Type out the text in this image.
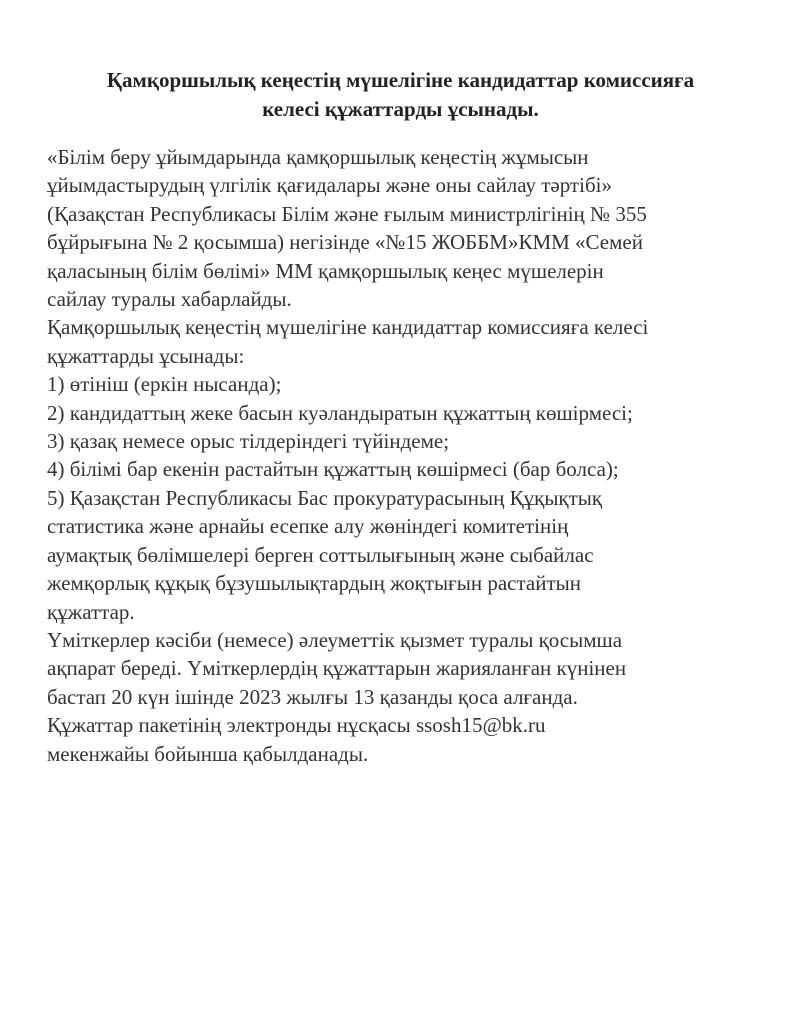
Қамқоршылық кеңестің мүшелігіне кандидаттар комиссияға
келесі құжаттарды ұсынады.
«Білім беру ұйымдарында қамқоршылық кеңестің жұмысын
ұйымдастырудың үлгілік қағидалары және оны сайлау тәртібі»
(Қазақстан Республикасы Білім және ғылым министрлігінің № 355
бұйрығына № 2 қосымша) негізінде «№15 ЖОББМ»КММ «Семей
қаласының білім бөлімі» ММ қамқоршылық кеңес мүшелерін
сайлау туралы хабарлайды.
Қамқоршылық кеңестің мүшелігіне кандидаттар комиссияға келесі
құжаттарды ұсынады:
1) өтініш (еркін нысанда);
2) кандидаттың жеке басын куәландыратын құжаттың көшірмесі;
3) қазақ немесе орыс тілдеріндегі түйіндеме;
4) білімі бар екенін растайтын құжаттың көшірмесі (бар болса);
5) Қазақстан Республикасы Бас прокуратурасының Құқықтық
статистика және арнайы есепке алу жөніндегі комитетінің
аумақтық бөлімшелері берген соттылығының және сыбайлас
жемқорлық құқық бұзушылықтардың жоқтығын растайтын
құжаттар.
Үміткерлер кәсіби (немесе) әлеуметтік қызмет туралы қосымша
ақпарат береді. Үміткерлердің құжаттарын жарияланған күнінен
бастап 20 күн ішінде 2023 жылғы 13 қазанды қоса алғанда.
Құжаттар пакетінің электронды нұсқасы ssosh15@bk.ru
мекенжайы бойынша қабылданады.
